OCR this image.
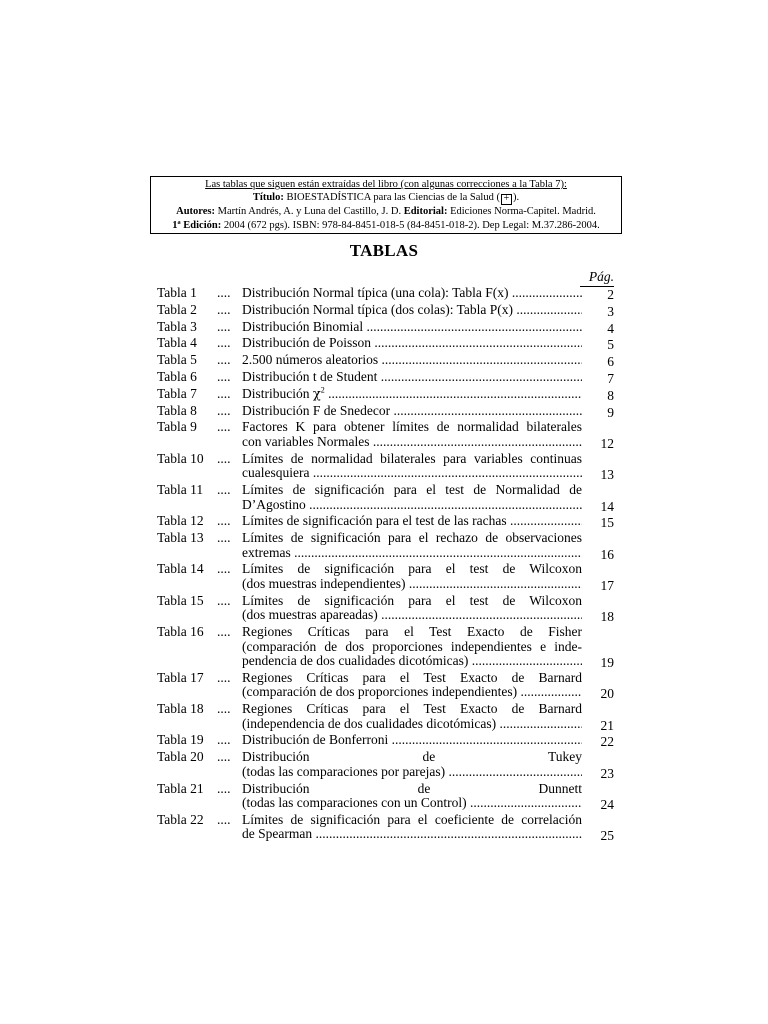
Las tablas que siguen están extraídas del libro (con algunas correcciones a la Tabla 7):
Título: BIOESTADÍSTICA para las Ciencias de la Salud ( + ).
Autores: Martín Andrés, A. y Luna del Castillo, J. D. Editorial: Ediciones Norma-Capitel. Madrid.
1ª Edición: 2004 (672 pgs). ISBN: 978-84-8451-018-5 (84-8451-018-2). Dep Legal: M.37.286-2004.
TABLAS
Pág.
Tabla 1 .... Distribución Normal típica (una cola): Tabla F(x) .....	2
Tabla 2 .... Distribución Normal típica (dos colas): Tabla P(x) .....	3
Tabla 3 .... Distribución Binomial .....	4
Tabla 4 .... Distribución de Poisson .....	5
Tabla 5 .... 2.500 números aleatorios .....	6
Tabla 6 .... Distribución t de Student .....	7
Tabla 7 .... Distribución $\chi^2$ .....	8
Tabla 8 .... Distribución F de Snedecor .....	9
Tabla 9 .... Factores K para obtener límites de normalidad bilaterales
con variables Normales .....	12
Tabla 10 .... Límites de normalidad bilaterales para variables continuas
cualesquiera .....	13
Tabla 11 .... Límites de significación para el test de Normalidad de
D’Agostino .....	14
Tabla 12 .... Límites de significación para el test de las rachas .....	15
Tabla 13 .... Límites de significación para el rechazo de observaciones
extremas .....	16
Tabla 14 .... Límites de significación para el test de Wilcoxon
(dos muestras independientes) .....	17
Tabla 15 .... Límites de significación para el test de Wilcoxon
(dos muestras apareadas) .....	18
Tabla 16 .... Regiones Críticas para el Test Exacto de Fisher
(comparación de dos proporciones independientes e inde-
pendencia de dos cualidades dicotómicas) .....	19
Tabla 17 .... Regiones Críticas para el Test Exacto de Barnard
(comparación de dos proporciones independientes) .....	20
Tabla 18 .... Regiones Críticas para el Test Exacto de Barnard
(independencia de dos cualidades dicotómicas) .....	21
Tabla 19 .... Distribución de Bonferroni .....	22
Tabla 20 .... Distribución de Tukey
(todas las comparaciones por parejas) .....	23
Tabla 21 .... Distribución de Dunnett
(todas las comparaciones con un Control) .....	24
Tabla 22 .... Límites de significación para el coeficiente de correlación
de Spearman .....	25
